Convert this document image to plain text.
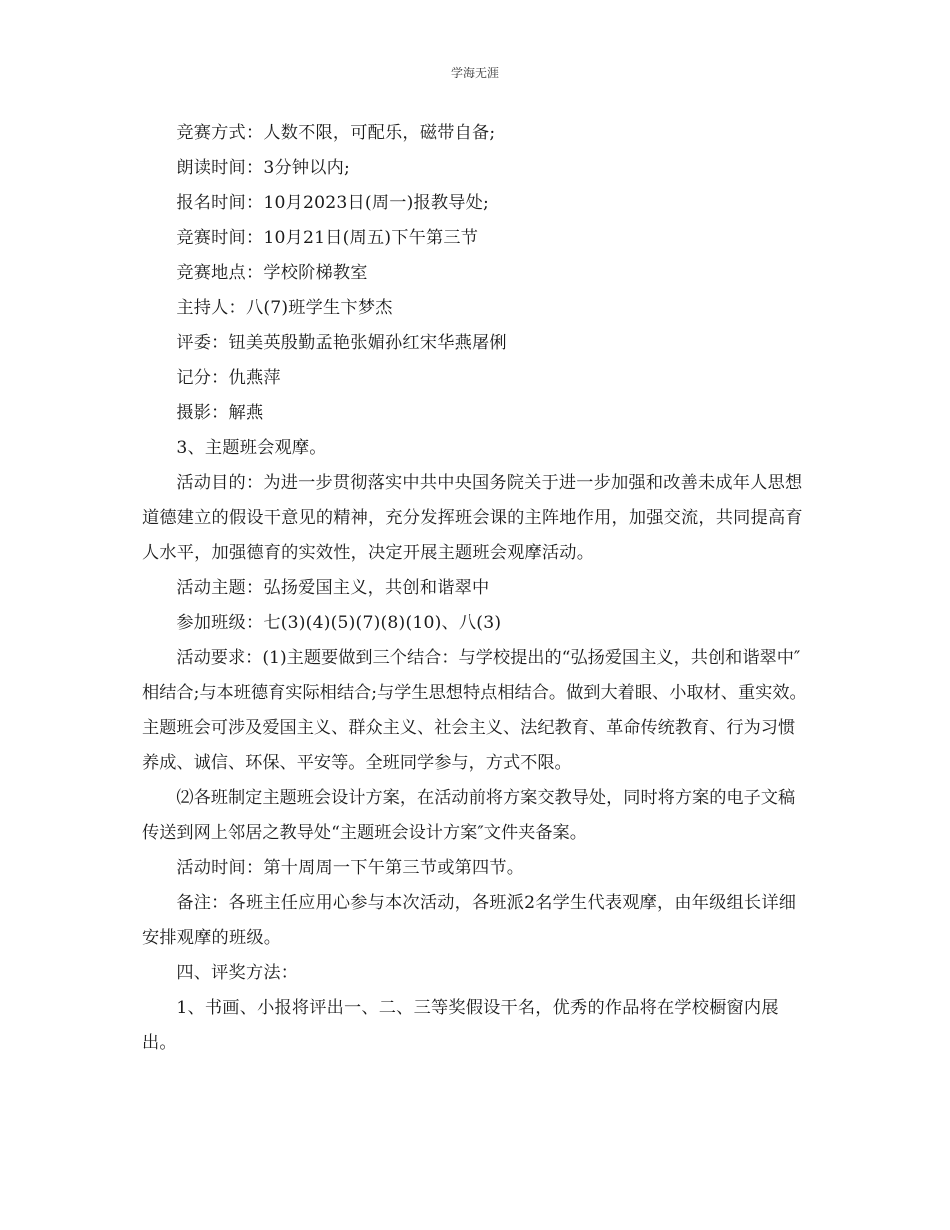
学海无涯

竞赛方式：人数不限，可配乐，磁带自备;

朗读时间：3分钟以内;

报名时间：10月2023日(周一)报教导处;

竞赛时间：10月21日(周五)下午第三节

竞赛地点：学校阶梯教室

主持人：八(7)班学生卞梦杰

评委：钮美英殷勤孟艳张媚孙红宋华燕屠俐

记分：仇燕萍

摄影：解燕

3、主题班会观摩。

活动目的：为进一步贯彻落实中共中央国务院关于进一步加强和改善未成年人思想道德建立的假设干意见的精神，充分发挥班会课的主阵地作用，加强交流，共同提高育人水平，加强德育的实效性，决定开展主题班会观摩活动。

活动主题：弘扬爱国主义，共创和谐翠中

参加班级：七(3)(4)(5)(7)(8)(10)、八(3)

活动要求：(1)主题要做到三个结合：与学校提出的“弘扬爱国主义，共创和谐翠中″相结合;与本班德育实际相结合;与学生思想特点相结合。做到大着眼、小取材、重实效。主题班会可涉及爱国主义、群众主义、社会主义、法纪教育、革命传统教育、行为习惯养成、诚信、环保、平安等。全班同学参与，方式不限。

⑵各班制定主题班会设计方案，在活动前将方案交教导处，同时将方案的电子文稿传送到网上邻居之教导处“主题班会设计方案″文件夹备案。

活动时间：第十周周一下午第三节或第四节。

备注：各班主任应用心参与本次活动，各班派2名学生代表观摩，由年级组长详细安排观摩的班级。

四、评奖方法：

1、书画、小报将评出一、二、三等奖假设干名，优秀的作品将在学校橱窗内展出。
